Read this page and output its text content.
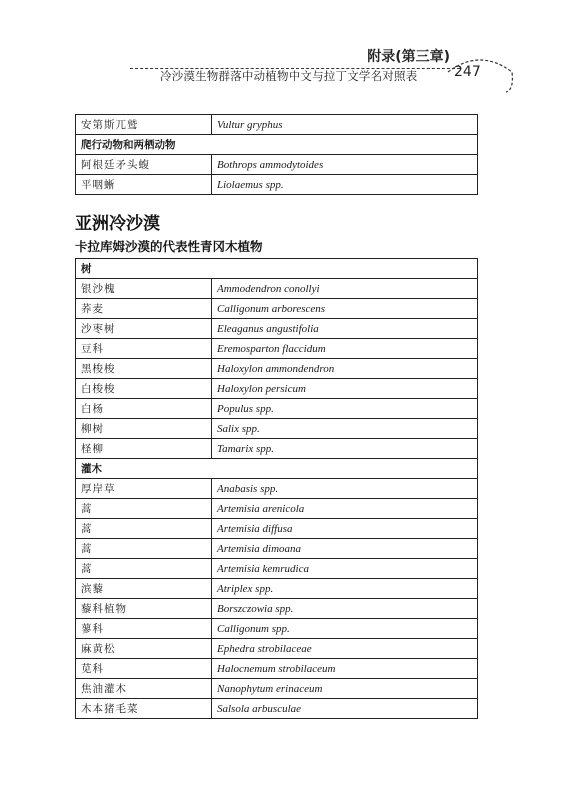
附录(第三章)
冷沙漠生物群落中动植物中文与拉丁文学名对照表	247
安第斯兀鹫	Vultur gryphus
爬行动物和两栖动物	
阿根廷矛头蝮	Bothrops ammodytoides
平咽蜥	Liolaemus spp.
亚洲冷沙漠
卡拉库姆沙漠的代表性青冈木植物
树	
银沙槐	Ammodendron conollyi
荞麦	Calligonum arborescens
沙枣树	Eleaganus angustifolia
豆科	Eremosparton flaccidum
黑梭梭	Haloxylon ammondendron
白梭梭	Haloxylon persicum
白杨	Populus spp.
柳树	Salix spp.
柽柳	Tamarix spp.
灌木	
厚岸草	Anabasis spp.
蒿	Artemisia arenicola
蒿	Artemisia diffusa
蒿	Artemisia dimoana
蒿	Artemisia kemrudica
滨藜	Atriplex spp.
藜科植物	Borszczowia spp.
蓼科	Calligonum spp.
麻黄松	Ephedra strobilaceae
苋科	Halocnemum strobilaceum
焦油灌木	Nanophytum erinaceum
木本猪毛菜	Salsola arbusculae
